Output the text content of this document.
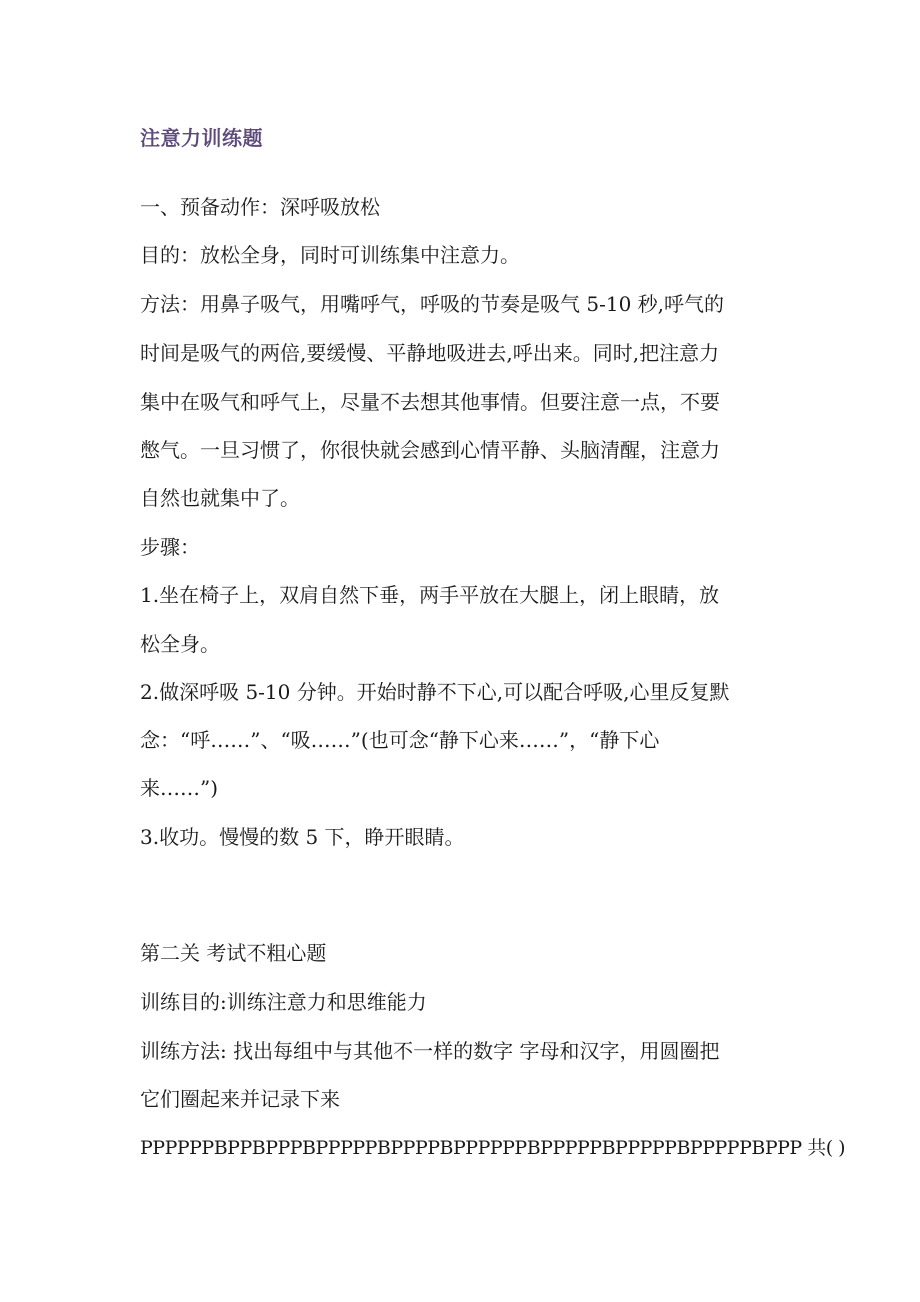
注意力训练题
一、预备动作：深呼吸放松
目的：放松全身，同时可训练集中注意力。
方法：用鼻子吸气，用嘴呼气，呼吸的节奏是吸气 5-10 秒,呼气的
时间是吸气的两倍,要缓慢、平静地吸进去,呼出来。同时,把注意力
集中在吸气和呼气上，尽量不去想其他事情。但要注意一点，不要
憋气。一旦习惯了，你很快就会感到心情平静、头脑清醒，注意力
自然也就集中了。
步骤：
1.坐在椅子上，双肩自然下垂，两手平放在大腿上，闭上眼睛，放
松全身。
2.做深呼吸 5-10 分钟。开始时静不下心,可以配合呼吸,心里反复默
念：“呼……”、“吸……”(也可念“静下心来……”，“静下心
来……”)
3.收功。慢慢的数 5 下，睁开眼睛。
第二关 考试不粗心题
训练目的:训练注意力和思维能力
训练方法: 找出每组中与其他不一样的数字 字母和汉字，用圆圈把
它们圈起来并记录下来
PPPPPPBPPBPPPBPPPPPBPPPPBPPPPPPBPPPPPBPPPPPBPPPPPBPPP 共( )
